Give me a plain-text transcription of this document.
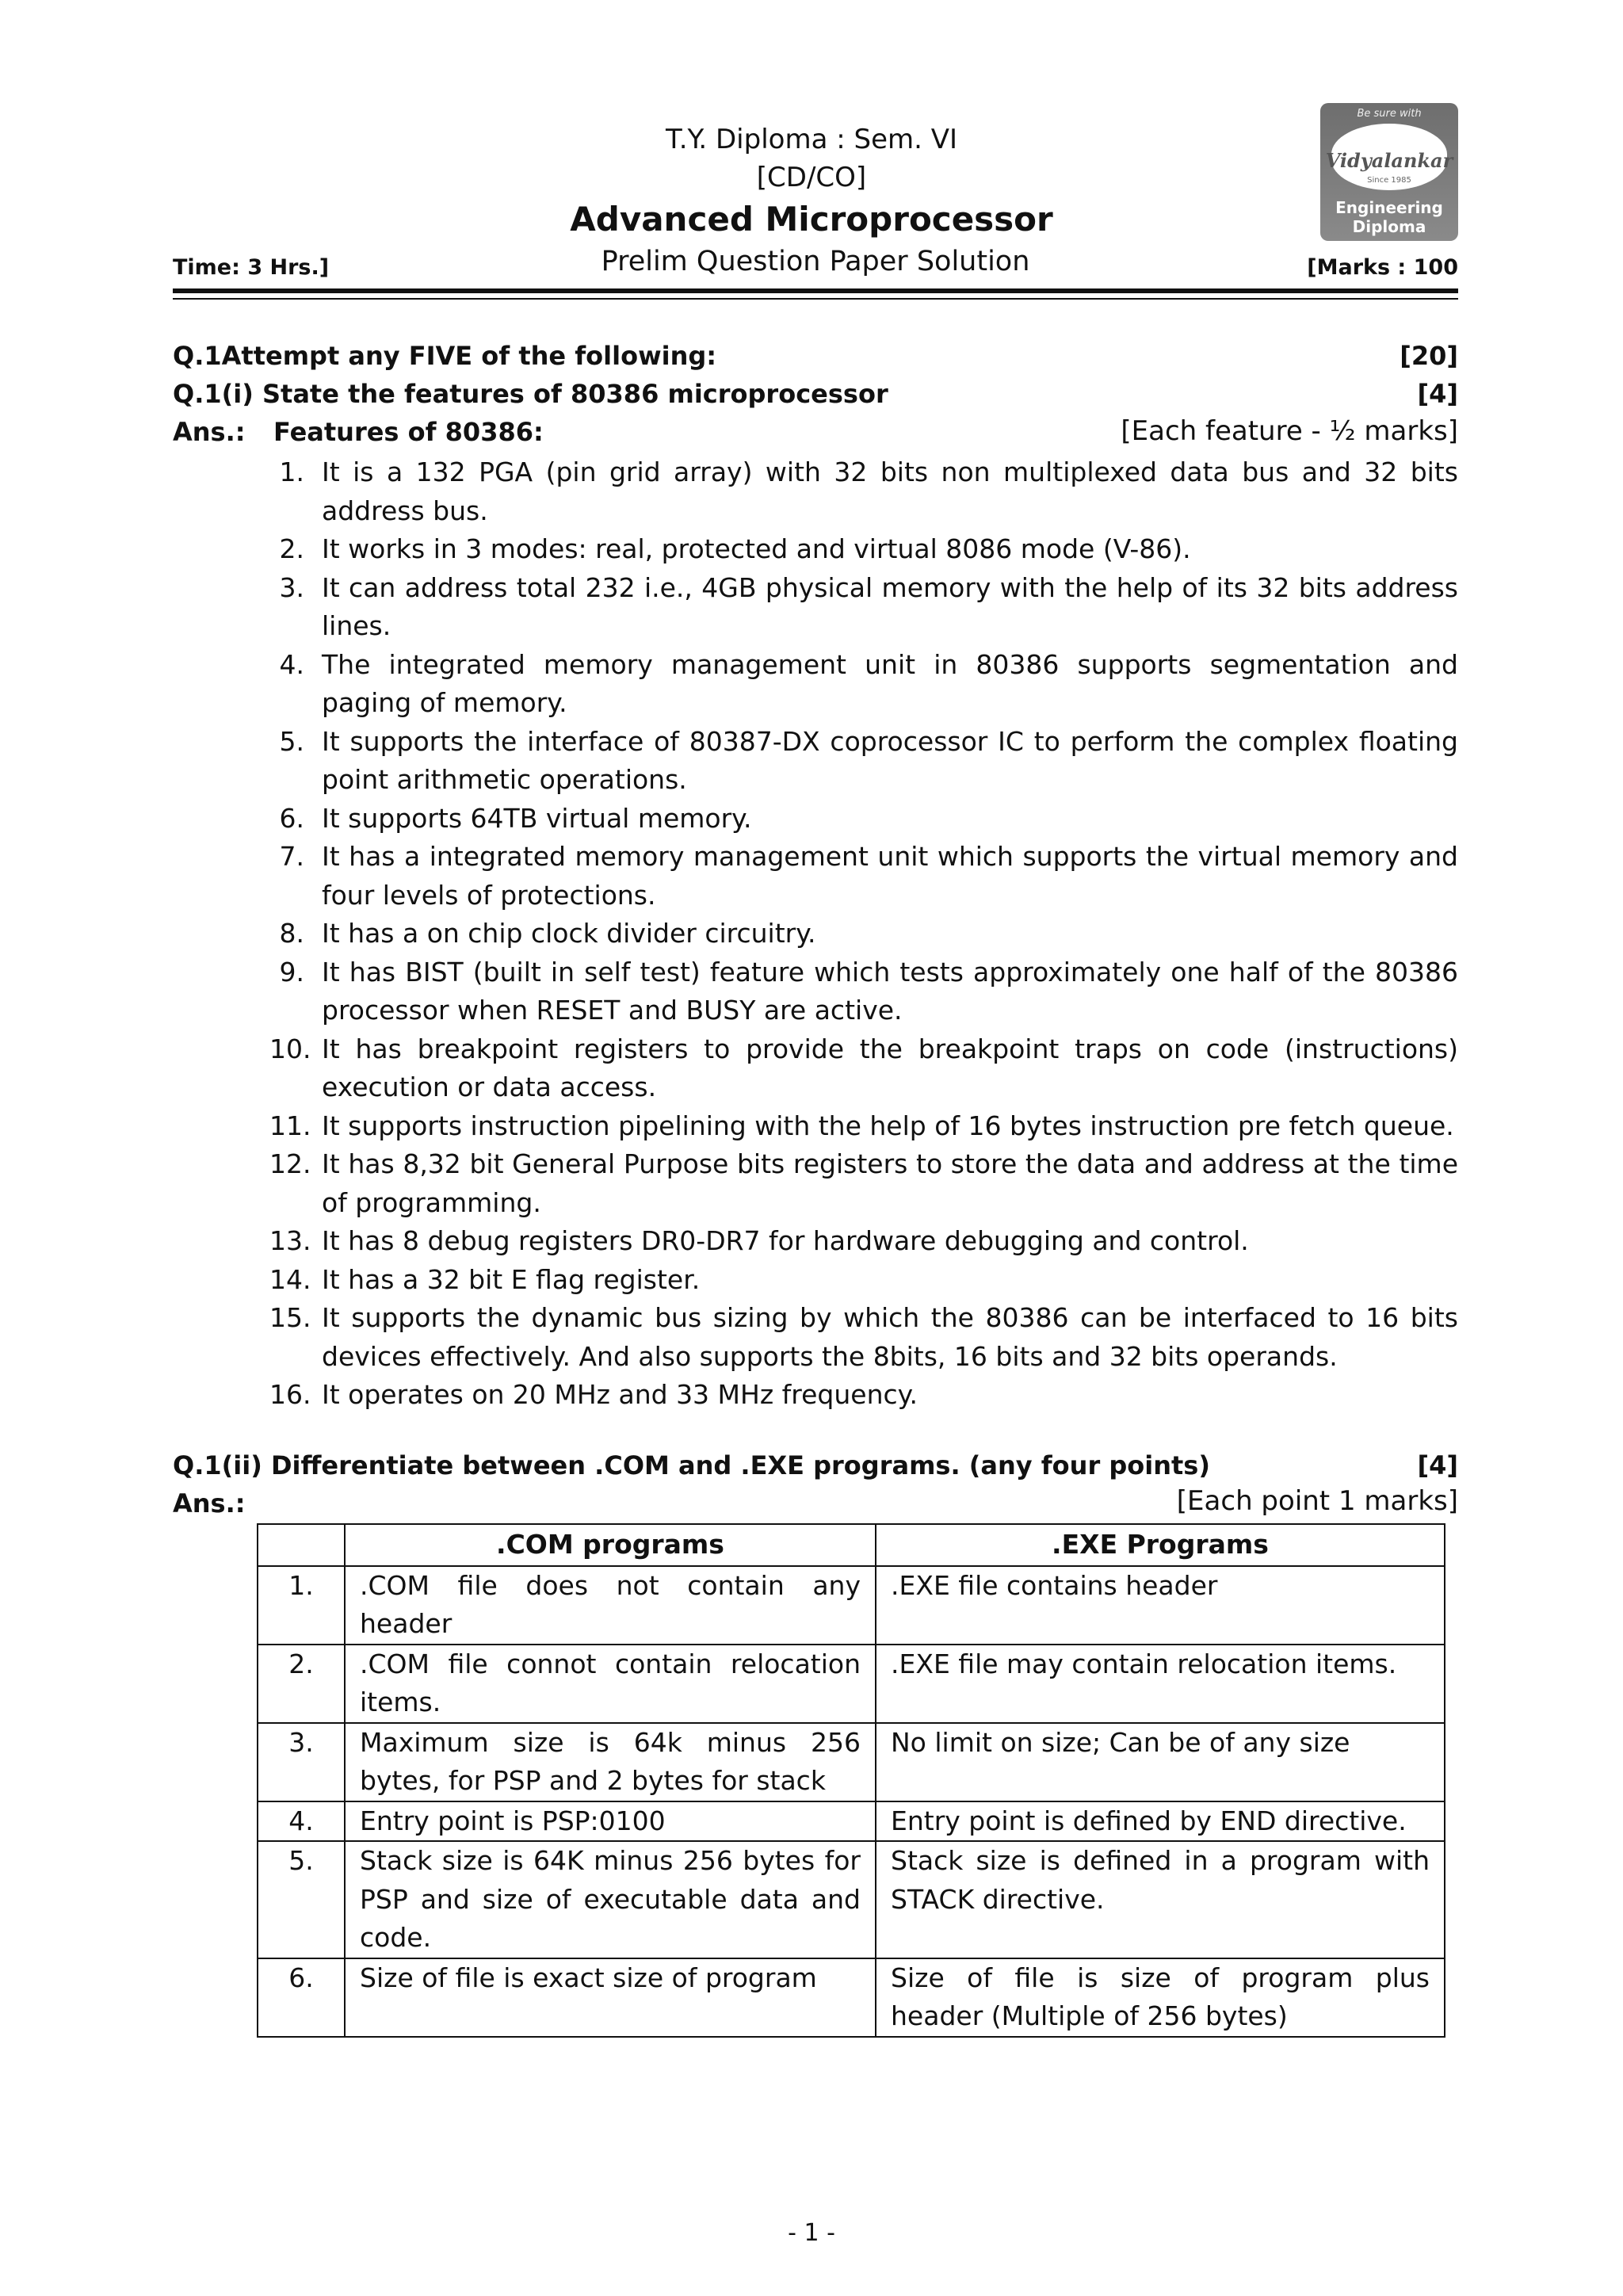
T.Y. Diploma : Sem. VI
[CD/CO]
Advanced Microprocessor
Prelim Question Paper Solution
Time: 3 Hrs.]	[Marks : 100
Be sure with
Vidyalankar
Since 1985
Engineering
Diploma
Q.1Attempt any FIVE of the following:	[20]
Q.1(i) State the features of 80386 microprocessor	[4]
Ans.: Features of 80386:	[Each feature - ½ marks]
1. It is a 132 PGA (pin grid array) with 32 bits non multiplexed data bus and 32 bits address bus.
2. It works in 3 modes: real, protected and virtual 8086 mode (V-86).
3. It can address total 232 i.e., 4GB physical memory with the help of its 32 bits address lines.
4. The integrated memory management unit in 80386 supports segmentation and paging of memory.
5. It supports the interface of 80387-DX coprocessor IC to perform the complex floating point arithmetic operations.
6. It supports 64TB virtual memory.
7. It has a integrated memory management unit which supports the virtual memory and four levels of protections.
8. It has a on chip clock divider circuitry.
9. It has BIST (built in self test) feature which tests approximately one half of the 80386 processor when RESET and BUSY are active.
10. It has breakpoint registers to provide the breakpoint traps on code (instructions) execution or data access.
11. It supports instruction pipelining with the help of 16 bytes instruction pre fetch queue.
12. It has 8,32 bit General Purpose bits registers to store the data and address at the time of programming.
13. It has 8 debug registers DR0-DR7 for hardware debugging and control.
14. It has a 32 bit E flag register.
15. It supports the dynamic bus sizing by which the 80386 can be interfaced to 16 bits devices effectively. And also supports the 8bits, 16 bits and 32 bits operands.
16. It operates on 20 MHz and 33 MHz frequency.
Q.1(ii) Differentiate between .COM and .EXE programs. (any four points)	[4]
Ans.:	[Each point 1 marks]
	.COM programs	.EXE Programs
1.	.COM file does not contain any header	.EXE file contains header
2.	.COM file connot contain relocation items.	.EXE file may contain relocation items.
3.	Maximum size is 64k minus 256 bytes, for PSP and 2 bytes for stack	No limit on size; Can be of any size
4.	Entry point is PSP:0100	Entry point is defined by END directive.
5.	Stack size is 64K minus 256 bytes for PSP and size of executable data and code.	Stack size is defined in a program with STACK directive.
6.	Size of file is exact size of program	Size of file is size of program plus header (Multiple of 256 bytes)
- 1 -
